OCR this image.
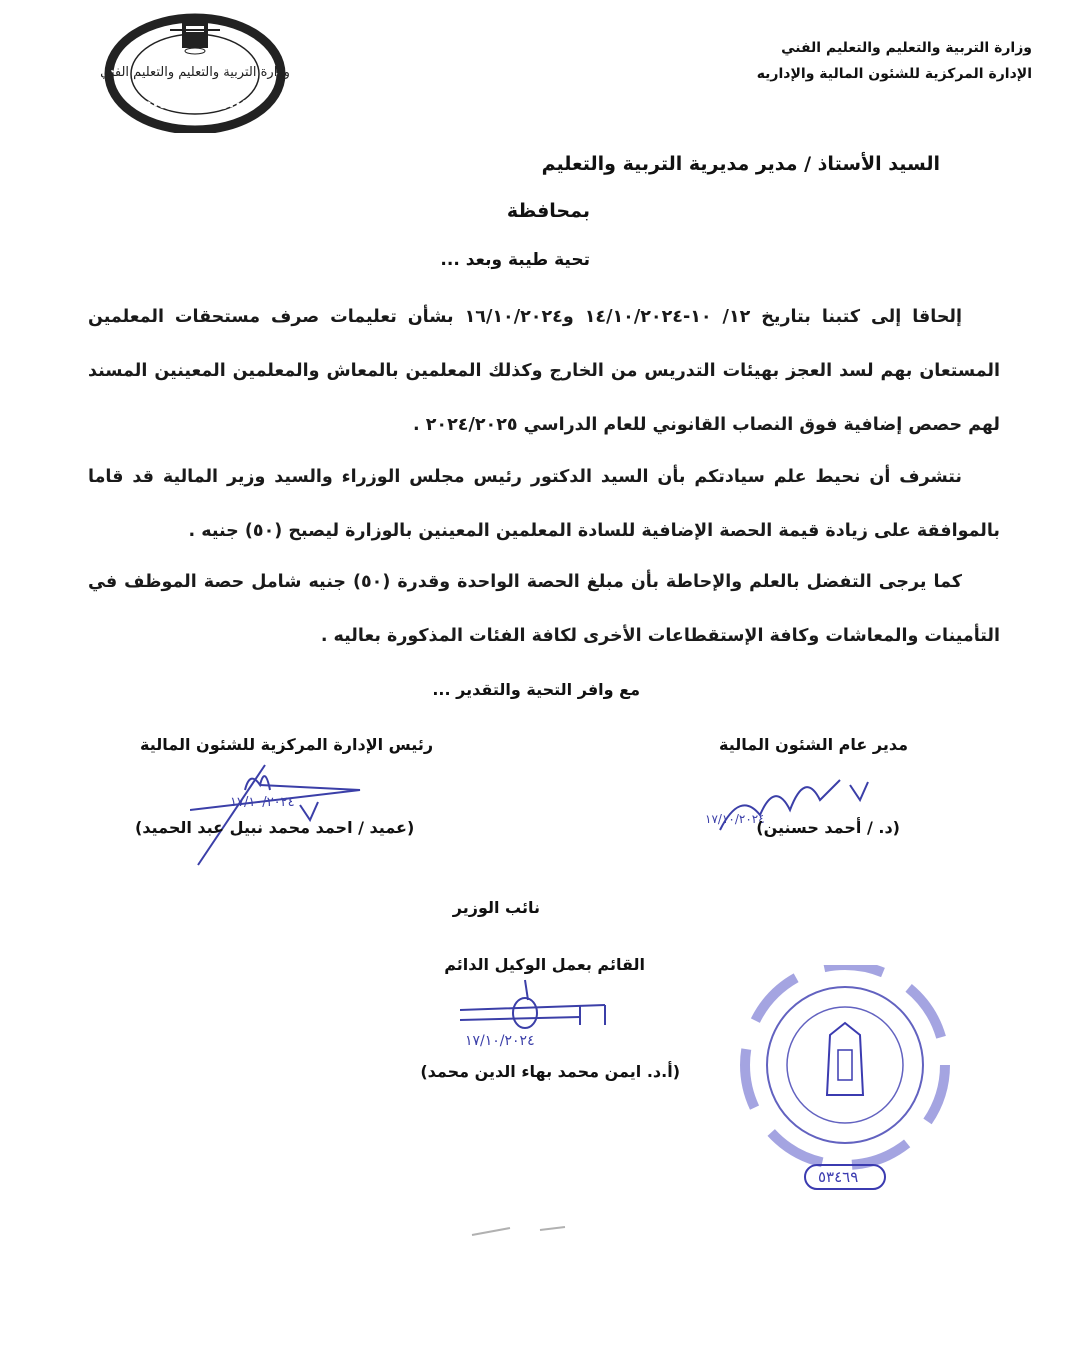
وزارة التربية والتعليم والتعليم الفني
وزارة التربية والتعليم والتعليم الفني
الإدارة المركزية للشئون المالية والإداريه
السيد الأستاذ / مدير مديرية التربية والتعليم
بمحافظة
تحية طيبة وبعد ...
إلحاقا إلى كتبنا بتاريخ ١٢/ ١٠-١٤/١٠/٢٠٢٤ و١٦/١٠/٢٠٢٤ بشأن تعليمات صرف مستحقات المعلمين المستعان بهم لسد العجز بهيئات التدريس من الخارج وكذلك المعلمين بالمعاش والمعلمين المعينين المسند لهم حصص إضافية فوق النصاب القانوني للعام الدراسي ٢٠٢٤/٢٠٢٥ .
نتشرف أن نحيط علم سيادتكم بأن السيد الدكتور رئيس مجلس الوزراء والسيد وزير المالية قد قاما بالموافقة على زيادة قيمة الحصة الإضافية للسادة المعلمين المعينين بالوزارة ليصبح (٥٠) جنيه .
كما يرجى التفضل بالعلم والإحاطة بأن مبلغ الحصة الواحدة وقدرة (٥٠) جنيه شامل حصة الموظف في التأمينات والمعاشات وكافة الإستقطاعات الأخرى لكافة الفئات المذكورة بعاليه .
مع وافر التحية والتقدير ...
مدير عام الشئون المالية
١٧/١٠/٢٠٢٤
(د. / أحمد حسنين)
رئيس الإدارة المركزية للشئون المالية
١٧/١٠/٢٠٢٤
(عميد / احمد محمد نبيل عبد الحميد)
نائب الوزير
القائم بعمل الوكيل الدائم
١٧/١٠/٢٠٢٤
(أ.د. ايمن محمد بهاء الدين محمد)
٥٣٤٦٩
